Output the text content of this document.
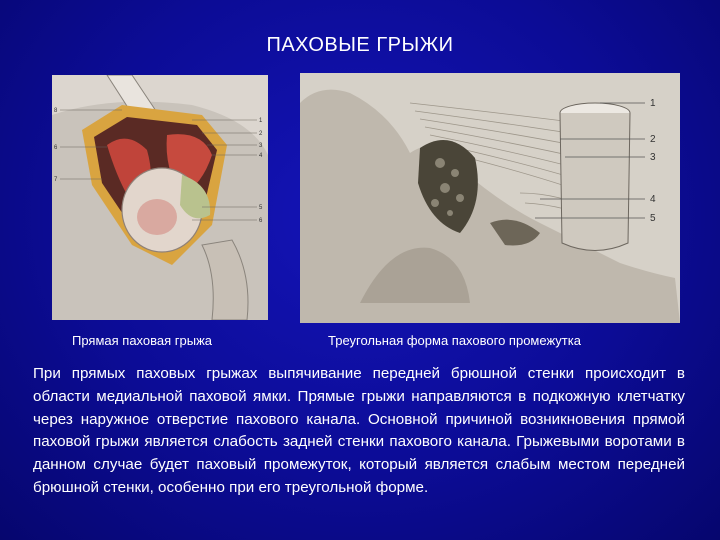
ПАХОВЫЕ ГРЫЖИ
8
6
7
1
2
3
4
5
6
1
2
3
4
5
Прямая паховая грыжа	Треугольная форма пахового промежутка
При прямых паховых грыжах выпячивание передней брюшной стенки происходит в области медиальной паховой ямки. Прямые грыжи направляются в подкожную клетчатку через наружное отверстие пахового канала. Основной причиной возникновения прямой паховой грыжи является слабость задней стенки пахового канала. Грыжевыми воротами в данном случае будет паховый промежуток, который является слабым местом передней брюшной стенки, особенно при его треугольной форме.
